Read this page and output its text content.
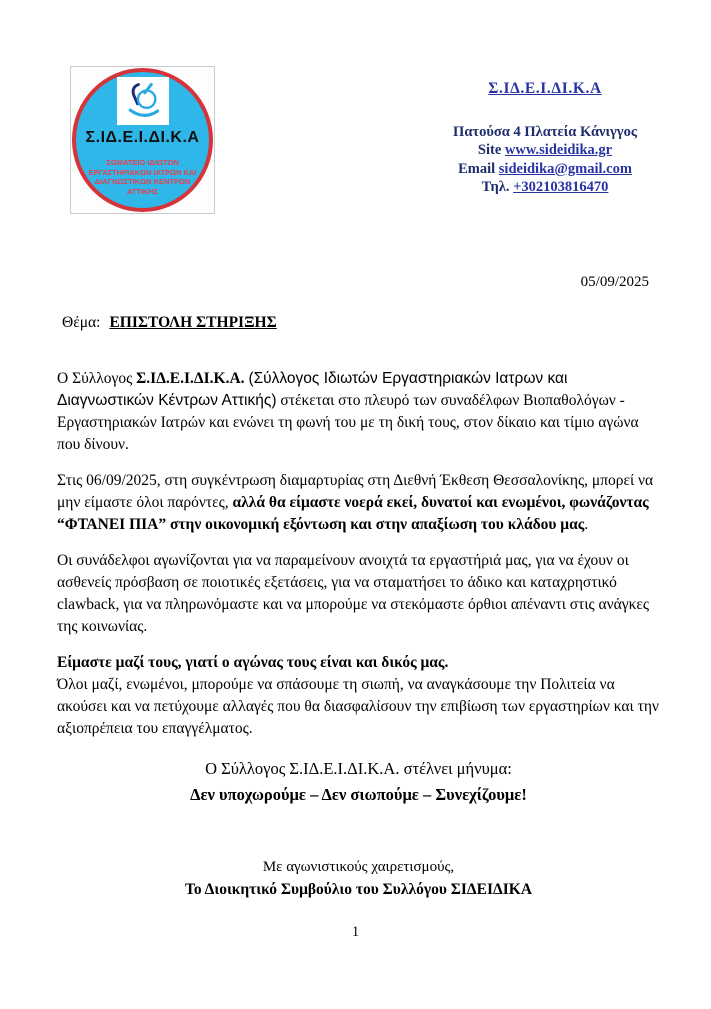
Σ.ΙΔ.Ε.Ι.ΔΙ.Κ.Α
ΣΩΜΑΤΕΙΟ ΙΔΙΩΤΩΝ
ΕΡΓΑΣΤΗΡΙΑΚΩΝ ΙΑΤΡΩΝ ΚΑΙ
ΔΙΑΓΝΩΣΤΙΚΩΝ ΚΕΝΤΡΩΝ
ΑΤΤΙΚΗΣ
Σ.ΙΔ.Ε.Ι.ΔΙ.Κ.Α
Πατούσα 4 Πλατεία Κάνιγγος
Site www.sideidika.gr
Email sideidika@gmail.com
Τηλ. +302103816470
05/09/2025
Θέμα: ΕΠΙΣΤΟΛΗ ΣΤΗΡΙΞΗΣ

Ο Σύλλογος Σ.ΙΔ.Ε.Ι.ΔΙ.Κ.Α. (Σύλλογος Ιδιωτών Εργαστηριακών Ιατρων και Διαγνωστικών Κέντρων Αττικής) στέκεται στο πλευρό των συναδέλφων Βιοπαθολόγων - Εργαστηριακών Ιατρών και ενώνει τη φωνή του με τη δική τους, στον δίκαιο και τίμιο αγώνα που δίνουν.

Στις 06/09/2025, στη συγκέντρωση διαμαρτυρίας στη Διεθνή Έκθεση Θεσσαλονίκης, μπορεί να μην είμαστε όλοι παρόντες, αλλά θα είμαστε νοερά εκεί, δυνατοί και ενωμένοι, φωνάζοντας “ΦΤΑΝΕΙ ΠΙΑ” στην οικονομική εξόντωση και στην απαξίωση του κλάδου μας.

Οι συνάδελφοι αγωνίζονται για να παραμείνουν ανοιχτά τα εργαστήριά μας, για να έχουν οι ασθενείς πρόσβαση σε ποιοτικές εξετάσεις, για να σταματήσει το άδικο και καταχρηστικό clawback, για να πληρωνόμαστε και να μπορούμε να στεκόμαστε όρθιοι απέναντι στις ανάγκες της κοινωνίας.

Είμαστε μαζί τους, γιατί ο αγώνας τους είναι και δικός μας.

Όλοι μαζί, ενωμένοι, μπορούμε να σπάσουμε τη σιωπή, να αναγκάσουμε την Πολιτεία να ακούσει και να πετύχουμε αλλαγές που θα διασφαλίσουν την επιβίωση των εργαστηρίων και την αξιοπρέπεια του επαγγέλματος.

Ο Σύλλογος Σ.ΙΔ.Ε.Ι.ΔΙ.Κ.Α. στέλνει μήνυμα:

Δεν υποχωρούμε – Δεν σιωπούμε – Συνεχίζουμε!

Με αγωνιστικούς χαιρετισμούς,

Το Διοικητικό Συμβούλιο του Συλλόγου ΣΙΔΕΙΔΙΚΑ

1
